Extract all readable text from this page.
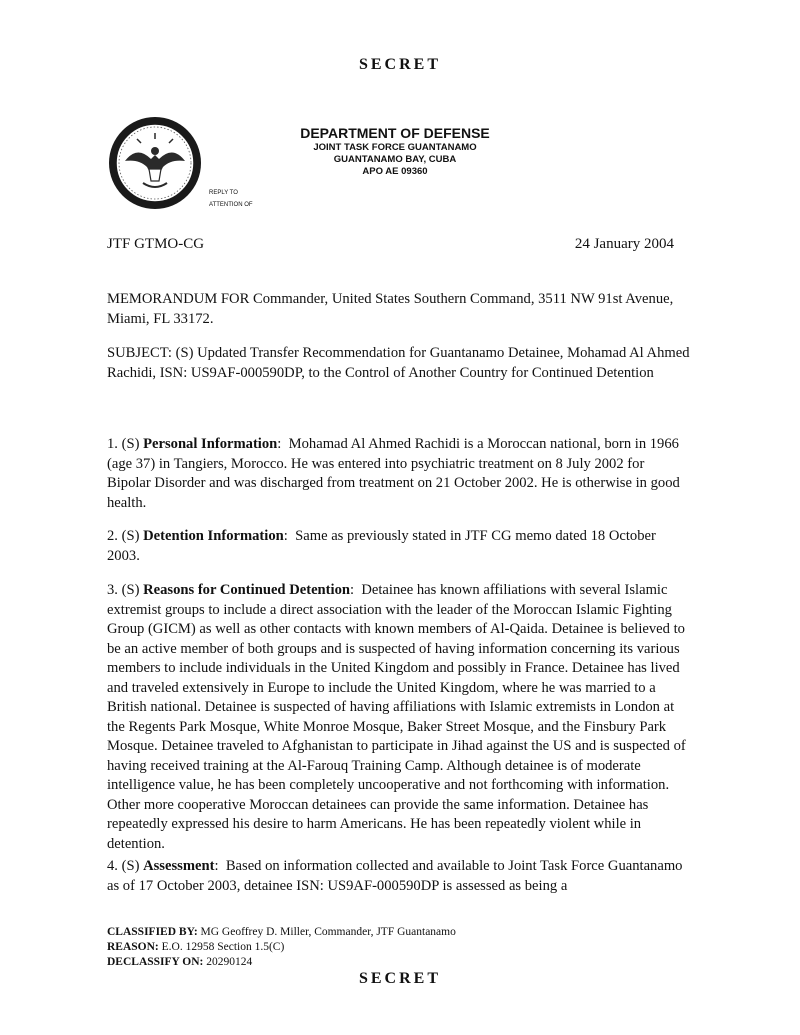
SECRET
DEPARTMENT OF DEFENSE
JOINT TASK FORCE GUANTANAMO
GUANTANAMO BAY, CUBA
APO AE 09360
REPLY TO
ATTENTION OF
JTF GTMO-CG	24 January 2004

MEMORANDUM FOR Commander, United States Southern Command, 3511 NW 91st Avenue, Miami, FL 33172.

SUBJECT: (S) Updated Transfer Recommendation for Guantanamo Detainee, Mohamad Al Ahmed Rachidi, ISN: US9AF-000590DP, to the Control of Another Country for Continued Detention

1. (S) Personal Information:  Mohamad Al Ahmed Rachidi is a Moroccan national, born in 1966 (age 37) in Tangiers, Morocco. He was entered into psychiatric treatment on 8 July 2002 for Bipolar Disorder and was discharged from treatment on 21 October 2002. He is otherwise in good health.

2. (S) Detention Information:  Same as previously stated in JTF CG memo dated 18 October 2003.

3. (S) Reasons for Continued Detention:  Detainee has known affiliations with several Islamic extremist groups to include a direct association with the leader of the Moroccan Islamic Fighting Group (GICM) as well as other contacts with known members of Al-Qaida. Detainee is believed to be an active member of both groups and is suspected of having information concerning its various members to include individuals in the United Kingdom and possibly in France. Detainee has lived and traveled extensively in Europe to include the United Kingdom, where he was married to a British national. Detainee is suspected of having affiliations with Islamic extremists in London at the Regents Park Mosque, White Monroe Mosque, Baker Street Mosque, and the Finsbury Park Mosque. Detainee traveled to Afghanistan to participate in Jihad against the US and is suspected of having received training at the Al-Farouq Training Camp. Although detainee is of moderate intelligence value, he has been completely uncooperative and not forthcoming with information. Other more cooperative Moroccan detainees can provide the same information. Detainee has repeatedly expressed his desire to harm Americans. He has been repeatedly violent while in detention.

4. (S) Assessment:  Based on information collected and available to Joint Task Force Guantanamo as of 17 October 2003, detainee ISN: US9AF-000590DP is assessed as being a

CLASSIFIED BY: MG Geoffrey D. Miller, Commander, JTF Guantanamo
REASON: E.O. 12958 Section 1.5(C)
DECLASSIFY ON: 20290124
SECRET
